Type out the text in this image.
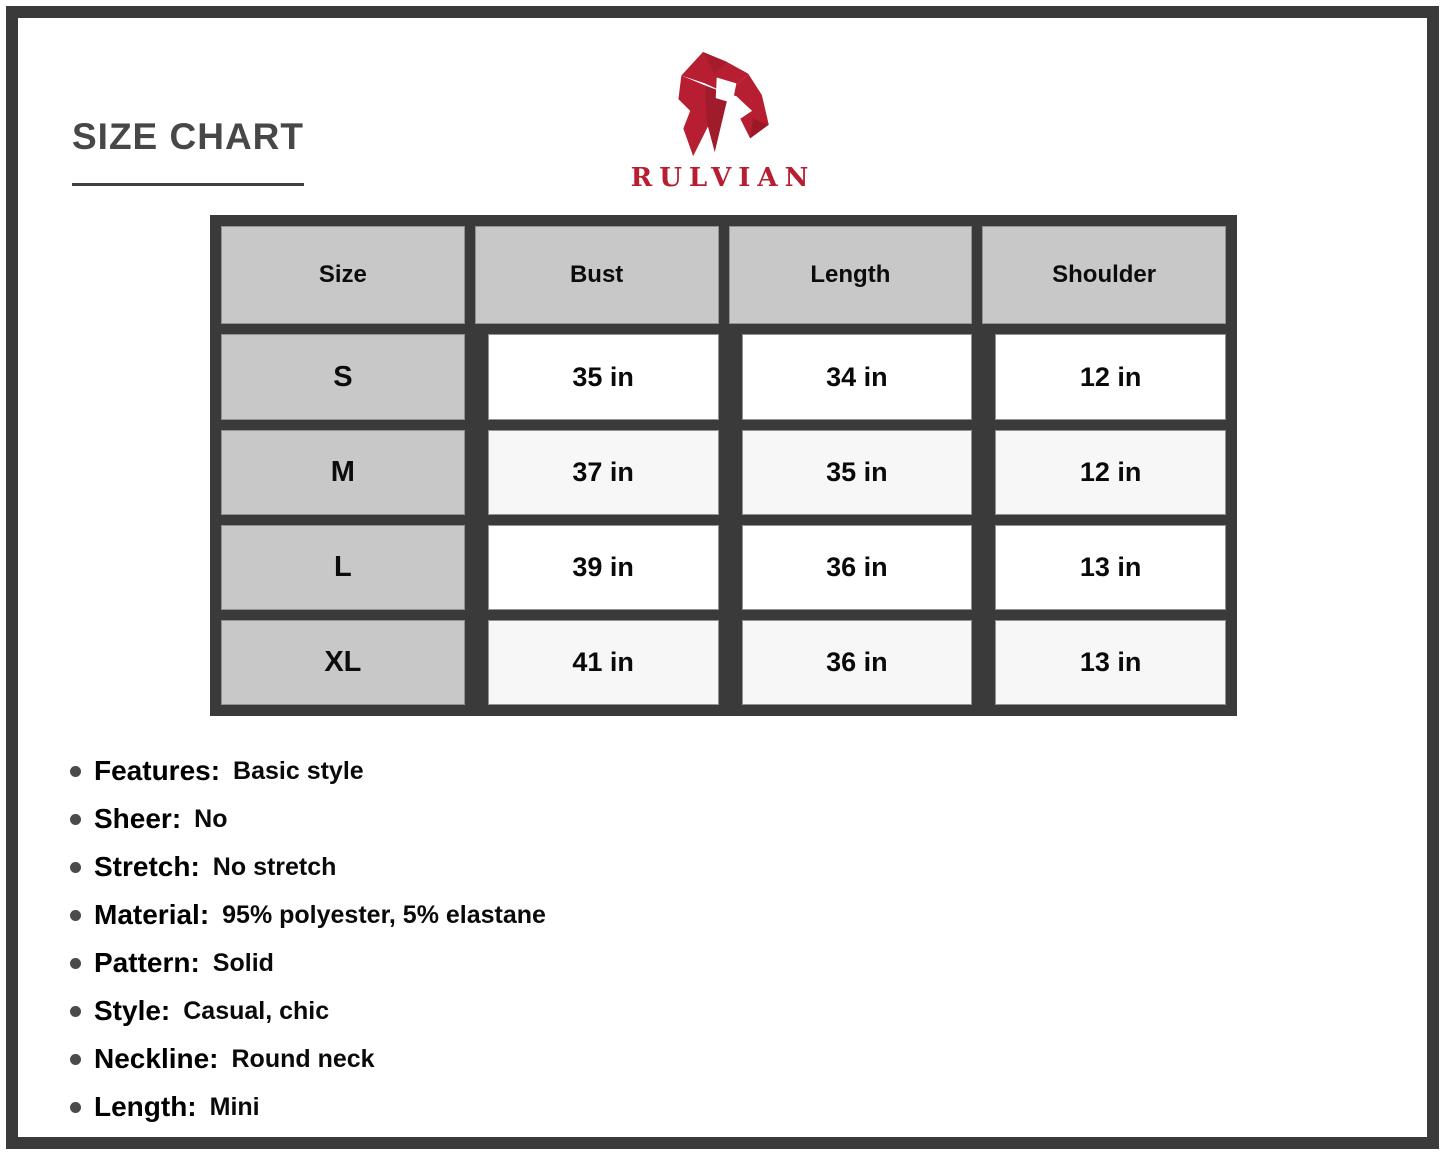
SIZE CHART
RULVIAN
Size	Bust	Length	Shoulder
S	35 in	34 in	12 in
M	37 in	35 in	12 in
L	39 in	36 in	13 in
XL	41 in	36 in	13 in
Features: Basic style
Sheer: No
Stretch: No stretch
Material: 95% polyester, 5% elastane
Pattern: Solid
Style: Casual, chic
Neckline: Round neck
Length: Mini
